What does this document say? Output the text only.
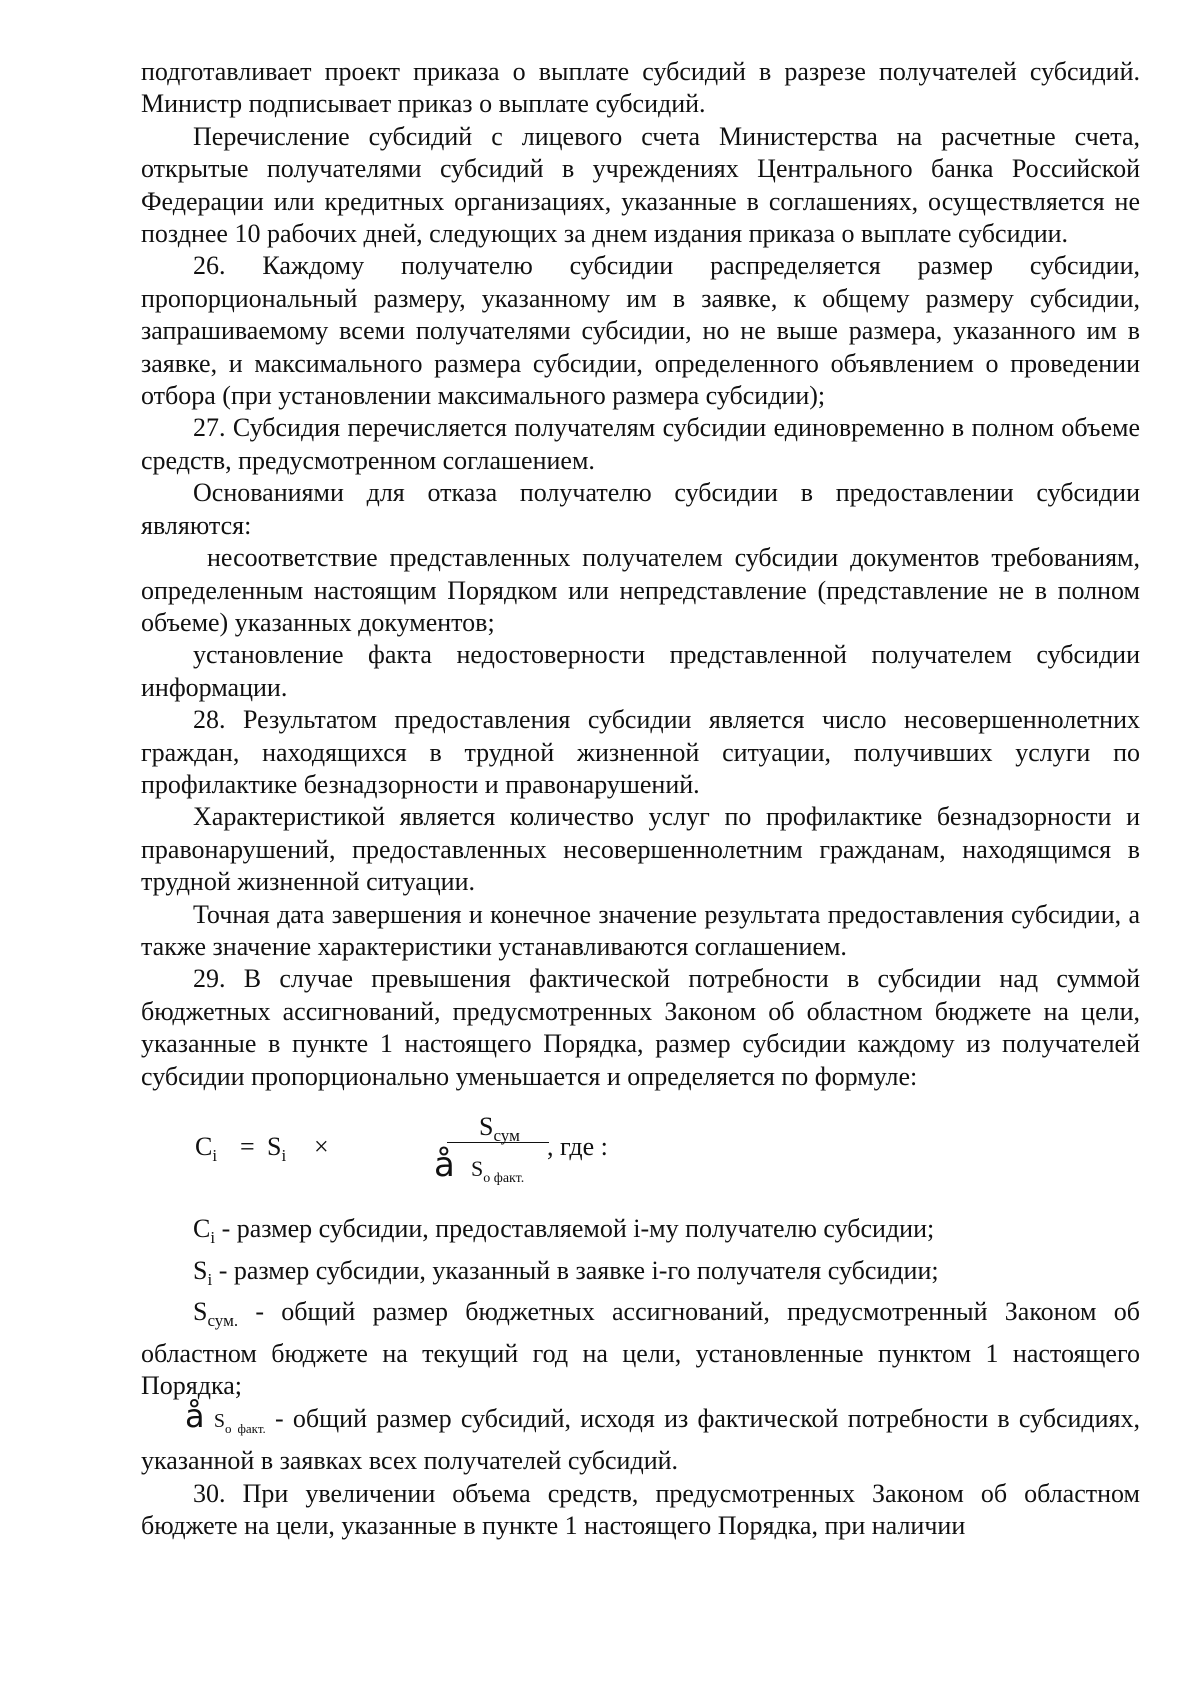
подготавливает проект приказа о выплате субсидий в разрезе получателей субсидий. Министр подписывает приказ о выплате субсидий.

Перечисление субсидий с лицевого счета Министерства на расчетные счета, открытые получателями субсидий в учреждениях Центрального банка Российской Федерации или кредитных организациях, указанные в соглашениях, осуществляется не позднее 10 рабочих дней, следующих за днем издания приказа о выплате субсидии.

26. Каждому получателю субсидии распределяется размер субсидии, пропорциональный размеру, указанному им в заявке, к общему размеру субсидии, запрашиваемому всеми получателями субсидии, но не выше размера, указанного им в заявке, и максимального размера субсидии, определенного объявлением о проведении отбора (при установлении максимального размера субсидии);

27. Субсидия перечисляется получателям субсидии единовременно в полном объеме средств, предусмотренном соглашением.

Основаниями для отказа получателю субсидии в предоставлении субсидии являются:

несоответствие представленных получателем субсидии документов требованиям, определенным настоящим Порядком или непредставление (представление не в полном объеме) указанных документов;

установление факта недостоверности представленной получателем субсидии информации.

28. Результатом предоставления субсидии является число несовершеннолетних граждан, находящихся в трудной жизненной ситуации, получивших услуги по профилактике безнадзорности и правонарушений.

Характеристикой является количество услуг по профилактике безнадзорности и правонарушений, предоставленных несовершеннолетним гражданам, находящимся в трудной жизненной ситуации.

Точная дата завершения и конечное значение результата предоставления субсидии, а также значение характеристики устанавливаются соглашением.

29. В случае превышения фактической потребности в субсидии над суммой бюджетных ассигнований, предусмотренных Законом об областном бюджете на цели, указанные в пункте 1 настоящего Порядка, размер субсидии каждому из получателей субсидии пропорционально уменьшается и определяется по формуле:

$C_i = S_i$ ×
$S_{сум}$
å $S_{о факт.}$
, где :

$C_i$ - размер субсидии, предоставляемой i-му получателю субсидии;

$S_i$ - размер субсидии, указанный в заявке i-го получателя субсидии;

$S_{сум.}$ - общий размер бюджетных ассигнований, предусмотренный Законом об областном бюджете на текущий год на цели, установленные пунктом 1 настоящего Порядка;

å $S_{о факт.}$ - общий размер субсидий, исходя из фактической потребности в субсидиях, указанной в заявках всех получателей субсидий.

30. При увеличении объема средств, предусмотренных Законом об областном бюджете на цели, указанные в пункте 1 настоящего Порядка, при наличии
